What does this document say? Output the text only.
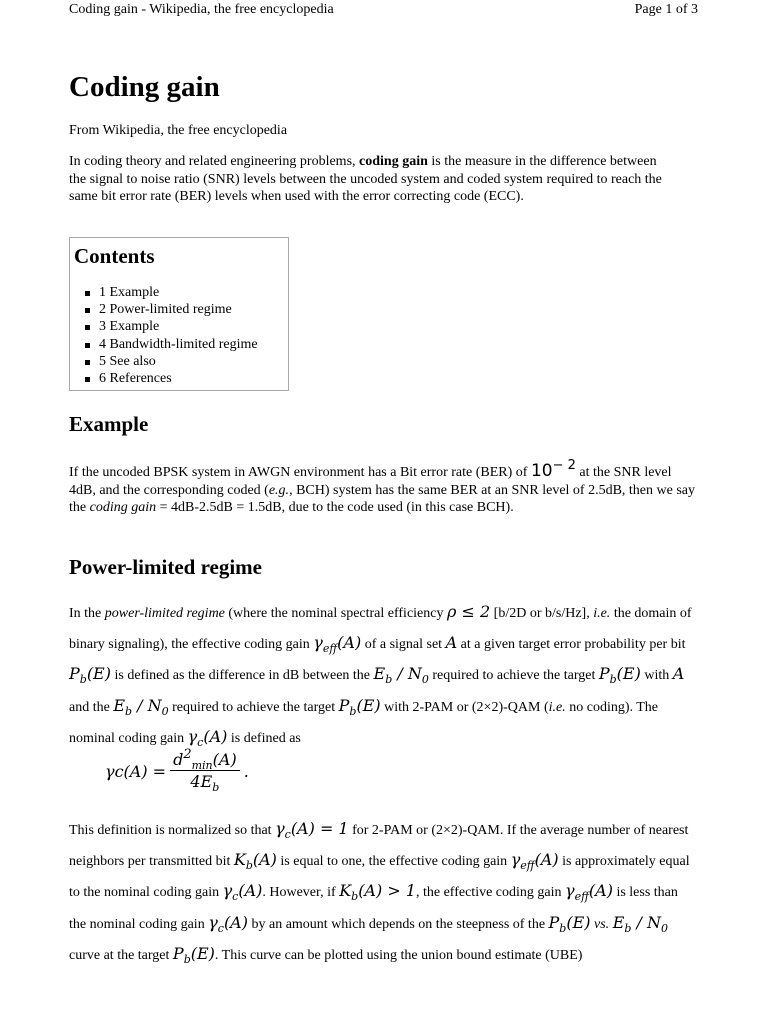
Coding gain - Wikipedia, the free encyclopedia	Page 1 of 3
Coding gain
From Wikipedia, the free encyclopedia
In coding theory and related engineering problems, coding gain is the measure in the difference between the signal to noise ratio (SNR) levels between the uncoded system and coded system required to reach the same bit error rate (BER) levels when used with the error correcting code (ECC).
Contents
1 Example
2 Power-limited regime
3 Example
4 Bandwidth-limited regime
5 See also
6 References
Example
If the uncoded BPSK system in AWGN environment has a Bit error rate (BER) of $10^{- 2}$ at the SNR level 4dB, and the corresponding coded (e.g., BCH) system has the same BER at an SNR level of 2.5dB, then we say the coding gain = 4dB-2.5dB = 1.5dB, due to the code used (in this case BCH).
Power-limited regime
In the power-limited regime (where the nominal spectral efficiency ρ ≤ 2 [b/2D or b/s/Hz], i.e. the domain of binary signaling), the effective coding gain $\gamma_{eff}(A)$ of a signal set A at a given target error probability per bit $P_b(E)$ is defined as the difference in dB between the $E_b / N_0$ required to achieve the target $P_b(E)$ with A and the $E_b / N_0$ required to achieve the target $P_b(E)$ with 2-PAM or (2×2)-QAM (i.e. no coding). The nominal coding gain $\gamma_c(A)$ is defined as
$\gamma c(A) = \frac{d^2_{min}(A)}{4E_b}$ .
This definition is normalized so that $\gamma_c(A) = 1$ for 2-PAM or (2×2)-QAM. If the average number of nearest neighbors per transmitted bit $K_b(A)$ is equal to one, the effective coding gain $\gamma_{eff}(A)$ is approximately equal to the nominal coding gain $\gamma_c(A)$. However, if $K_b(A) > 1$, the effective coding gain $\gamma_{eff}(A)$ is less than the nominal coding gain $\gamma_c(A)$ by an amount which depends on the steepness of the $P_b(E)$ vs. $E_b / N_0$ curve at the target $P_b(E)$. This curve can be plotted using the union bound estimate (UBE)
